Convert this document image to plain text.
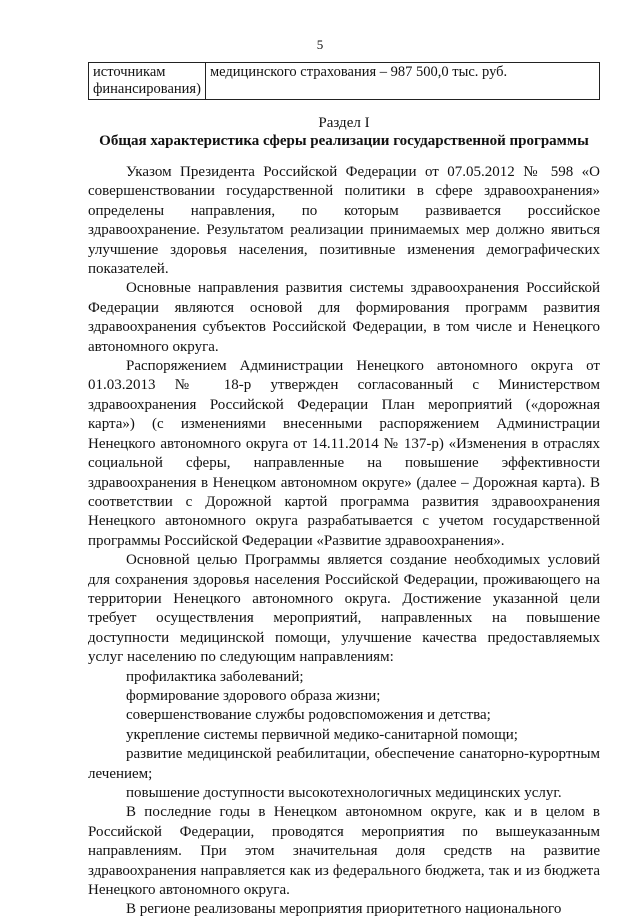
5
источникам финансирования)	медицинского страхования – 987 500,0 тыс. руб.
Раздел I
Общая характеристика сферы реализации государственной программы

Указом Президента Российской Федерации от 07.05.2012 № 598 «О совершенствовании государственной политики в сфере здравоохранения» определены направления, по которым развивается российское здравоохранение. Результатом реализации принимаемых мер должно явиться улучшение здоровья населения, позитивные изменения демографических показателей.

Основные направления развития системы здравоохранения Российской Федерации являются основой для формирования программ развития здравоохранения субъектов Российской Федерации, в том числе и Ненецкого автономного округа.

Распоряжением Администрации Ненецкого автономного округа от 01.03.2013 № 18-р утвержден согласованный с Министерством здравоохранения Российской Федерации План мероприятий («дорожная карта») (с изменениями внесенными распоряжением Администрации Ненецкого автономного округа от 14.11.2014 № 137-р) «Изменения в отраслях социальной сферы, направленные на повышение эффективности здравоохранения в Ненецком автономном округе» (далее – Дорожная карта). В соответствии с Дорожной картой программа развития здравоохранения Ненецкого автономного округа разрабатывается с учетом государственной программы Российской Федерации «Развитие здравоохранения».

Основной целью Программы является создание необходимых условий для сохранения здоровья населения Российской Федерации, проживающего на территории Ненецкого автономного округа. Достижение указанной цели требует осуществления мероприятий, направленных на повышение доступности медицинской помощи, улучшение качества предоставляемых услуг населению по следующим направлениям:

профилактика заболеваний;

формирование здорового образа жизни;

совершенствование службы родовспоможения и детства;

укрепление системы первичной медико-санитарной помощи;

развитие медицинской реабилитации, обеспечение санаторно-курортным лечением;

повышение доступности высокотехнологичных медицинских услуг.

В последние годы в Ненецком автономном округе, как и в целом в Российской Федерации, проводятся мероприятия по вышеуказанным направлениям. При этом значительная доля средств на развитие здравоохранения направляется как из федерального бюджета, так и из бюджета Ненецкого автономного округа.

В регионе реализованы мероприятия приоритетного национального
